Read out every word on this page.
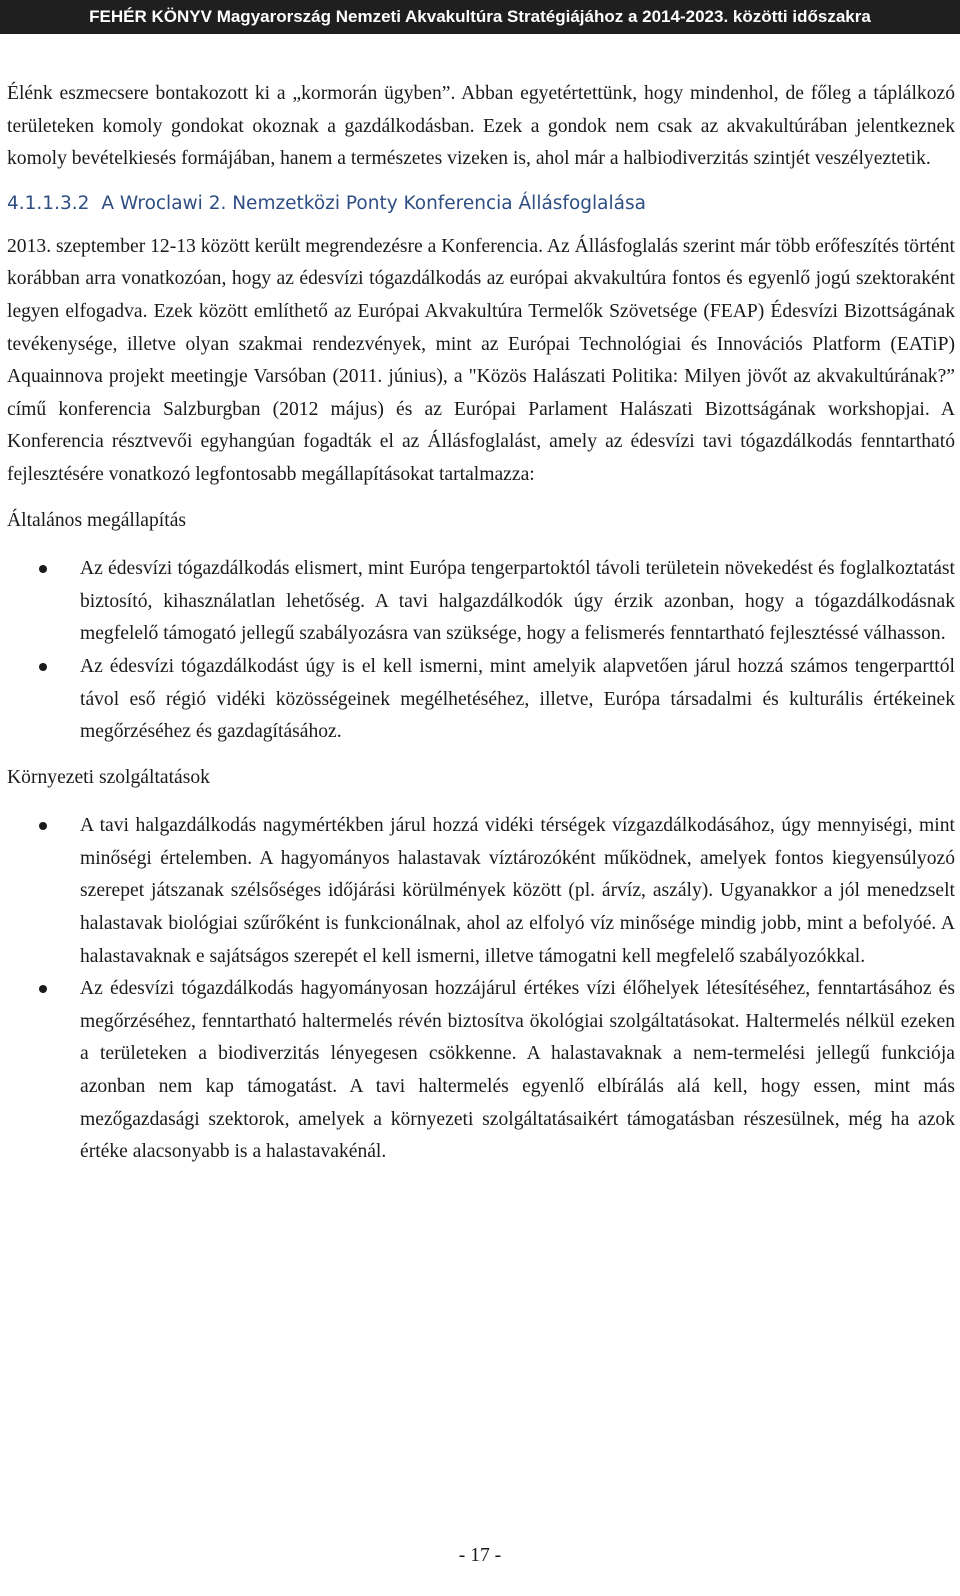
FEHÉR KÖNYV Magyarország Nemzeti Akvakultúra Stratégiájához a 2014-2023. közötti időszakra

Élénk eszmecsere bontakozott ki a „kormorán ügyben”. Abban egyetértettünk, hogy mindenhol, de főleg a táplálkozó területeken komoly gondokat okoznak a gazdálkodásban. Ezek a gondok nem csak az akvakultúrában jelentkeznek komoly bevételkiesés formájában, hanem a természetes vizeken is, ahol már a halbiodiverzitás szintjét veszélyeztetik.

4.1.1.3.2 A Wroclawi 2. Nemzetközi Ponty Konferencia Állásfoglalása

2013. szeptember 12-13 között került megrendezésre a Konferencia. Az Állásfoglalás szerint már több erőfeszítés történt korábban arra vonatkozóan, hogy az édesvízi tógazdálkodás az európai akvakultúra fontos és egyenlő jogú szektoraként legyen elfogadva. Ezek között említhető az Európai Akvakultúra Termelők Szövetsége (FEAP) Édesvízi Bizottságának tevékenysége, illetve olyan szakmai rendezvények, mint az Európai Technológiai és Innovációs Platform (EATiP) Aquainnova projekt meetingje Varsóban (2011. június), a "Közös Halászati Politika: Milyen jövőt az akvakultúrának?” című konferencia Salzburgban (2012 május) és az Európai Parlament Halászati Bizottságának workshopjai. A Konferencia résztvevői egyhangúan fogadták el az Állásfoglalást, amely az édesvízi tavi tógazdálkodás fenntartható fejlesztésére vonatkozó legfontosabb megállapításokat tartalmazza:

Általános megállapítás

Az édesvízi tógazdálkodás elismert, mint Európa tengerpartoktól távoli területein növekedést és foglalkoztatást biztosító, kihasználatlan lehetőség. A tavi halgazdálkodók úgy érzik azonban, hogy a tógazdálkodásnak megfelelő támogató jellegű szabályozásra van szüksége, hogy a felismerés fenntartható fejlesztéssé válhasson.
Az édesvízi tógazdálkodást úgy is el kell ismerni, mint amelyik alapvetően járul hozzá számos tengerparttól távol eső régió vidéki közösségeinek megélhetéséhez, illetve, Európa társadalmi és kulturális értékeinek megőrzéséhez és gazdagításához.

Környezeti szolgáltatások

A tavi halgazdálkodás nagymértékben járul hozzá vidéki térségek vízgazdálkodásához, úgy mennyiségi, mint minőségi értelemben. A hagyományos halastavak víztározóként működnek, amelyek fontos kiegyensúlyozó szerepet játszanak szélsőséges időjárási körülmények között (pl. árvíz, aszály). Ugyanakkor a jól menedzselt halastavak biológiai szűrőként is funkcionálnak, ahol az elfolyó víz minősége mindig jobb, mint a befolyóé. A halastavaknak e sajátságos szerepét el kell ismerni, illetve támogatni kell megfelelő szabályozókkal.
Az édesvízi tógazdálkodás hagyományosan hozzájárul értékes vízi élőhelyek létesítéséhez, fenntartásához és megőrzéséhez, fenntartható haltermelés révén biztosítva ökológiai szolgáltatásokat. Haltermelés nélkül ezeken a területeken a biodiverzitás lényegesen csökkenne. A halastavaknak a nem-termelési jellegű funkciója azonban nem kap támogatást. A tavi haltermelés egyenlő elbírálás alá kell, hogy essen, mint más mezőgazdasági szektorok, amelyek a környezeti szolgáltatásaikért támogatásban részesülnek, még ha azok értéke alacsonyabb is a halastavakénál.
- 17 -
